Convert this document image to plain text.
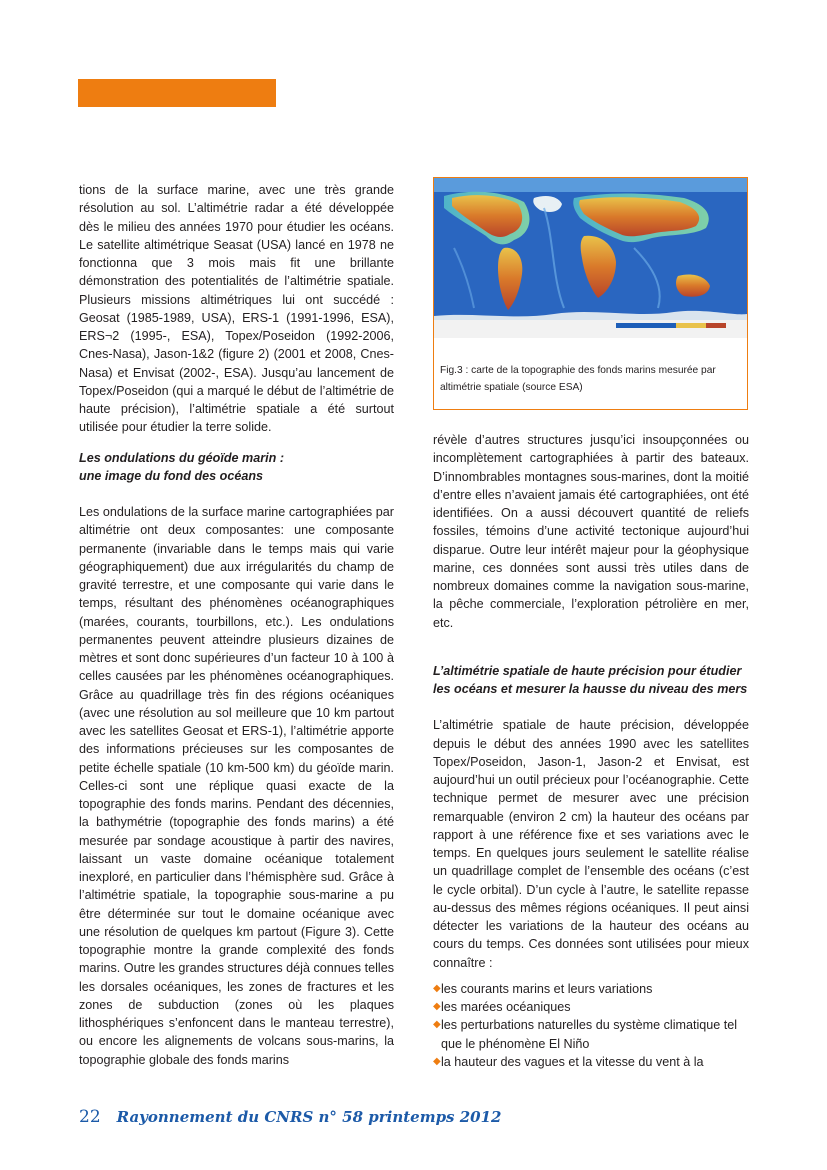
tions de la surface marine, avec une très grande résolution au sol. L’altimétrie radar a été développée dès le milieu des années 1970 pour étudier les océans. Le satellite altimétrique Seasat (USA) lancé en 1978 ne fonctionna que 3 mois mais fit une brillante démonstration des potentialités de l’altimétrie spatiale. Plusieurs missions altimétriques lui ont succédé : Geosat (1985-1989, USA), ERS-1 (1991-1996, ESA), ERS¬2 (1995-, ESA), Topex/Poseidon (1992-2006, Cnes-Nasa), Jason-1&2 (figure 2) (2001 et 2008, Cnes-Nasa) et Envisat (2002-, ESA). Jusqu’au lancement de Topex/Poseidon (qui a marqué le début de l’altimétrie de haute précision), l’altimétrie spatiale a été surtout utilisée pour étudier la terre solide.

Les ondulations du géoïde marin :
une image du fond des océans

Les ondulations de la surface marine cartographiées par altimétrie ont deux composantes: une composante permanente (invariable dans le temps mais qui varie géographiquement) due aux irrégularités du champ de gravité terrestre, et une composante qui varie dans le temps, résultant des phénomènes océanographiques (marées, courants, tourbillons, etc.). Les ondulations permanentes peuvent atteindre plusieurs dizaines de mètres et sont donc supérieures d’un facteur 10 à 100 à celles causées par les phénomènes océanographiques. Grâce au quadrillage très fin des régions océaniques (avec une résolution au sol meilleure que 10 km partout avec les satellites Geosat et ERS-1), l’altimétrie apporte des informations précieuses sur les composantes de petite échelle spatiale (10 km-500 km) du géoïde marin. Celles-ci sont une réplique quasi exacte de la topographie des fonds marins. Pendant des décennies, la bathymétrie (topographie des fonds marins) a été mesurée par sondage acoustique à partir des navires, laissant un vaste domaine océanique totalement inexploré, en particulier dans l’hémisphère sud. Grâce à l’altimétrie spatiale, la topographie sous-marine a pu être déterminée sur tout le domaine océanique avec une résolution de quelques km partout (Figure 3). Cette topographie montre la grande complexité des fonds marins. Outre les grandes structures déjà connues telles les dorsales océaniques, les zones de fractures et les zones de subduction (zones où les plaques lithosphériques s’enfoncent dans le manteau terrestre), ou encore les alignements de volcans sous-marins, la topographie globale des fonds marins

Fig.3 : carte de la topographie des fonds marins mesurée par altimétrie spatiale (source ESA)

révèle d’autres structures jusqu’ici insoupçonnées ou incomplètement cartographiées à partir des bateaux. D’innombrables montagnes sous-marines, dont la moitié d’entre elles n’avaient jamais été cartographiées, ont été identifiées. On a aussi découvert quantité de reliefs fossiles, témoins d’une activité tectonique aujourd’hui disparue. Outre leur intérêt majeur pour la géophysique marine, ces données sont aussi très utiles dans de nombreux domaines comme la navigation sous-marine, la pêche commerciale, l’exploration pétrolière en mer, etc.

L’altimétrie spatiale de haute précision pour étudier
les océans et mesurer la hausse du niveau des mers

L’altimétrie spatiale de haute précision, développée depuis le début des années 1990 avec les satellites Topex/Poseidon, Jason-1, Jason-2 et Envisat, est aujourd’hui un outil précieux pour l’océanographie. Cette technique permet de mesurer avec une précision remarquable (environ 2 cm) la hauteur des océans par rapport à une référence fixe et ses variations avec le temps. En quelques jours seulement le satellite réalise un quadrillage complet de l’ensemble des océans (c’est le cycle orbital). D’un cycle à l’autre, le satellite repasse au-dessus des mêmes régions océaniques. Il peut ainsi détecter les variations de la hauteur des océans au cours du temps. Ces données sont utilisées pour mieux connaître :

◆ les courants marins et leurs variations
◆ les marées océaniques
◆ les perturbations naturelles du système climatique tel que le phénomène El Niño
◆ la hauteur des vagues et la vitesse du vent à la
22 Rayonnement du CNRS n° 58 printemps 2012
